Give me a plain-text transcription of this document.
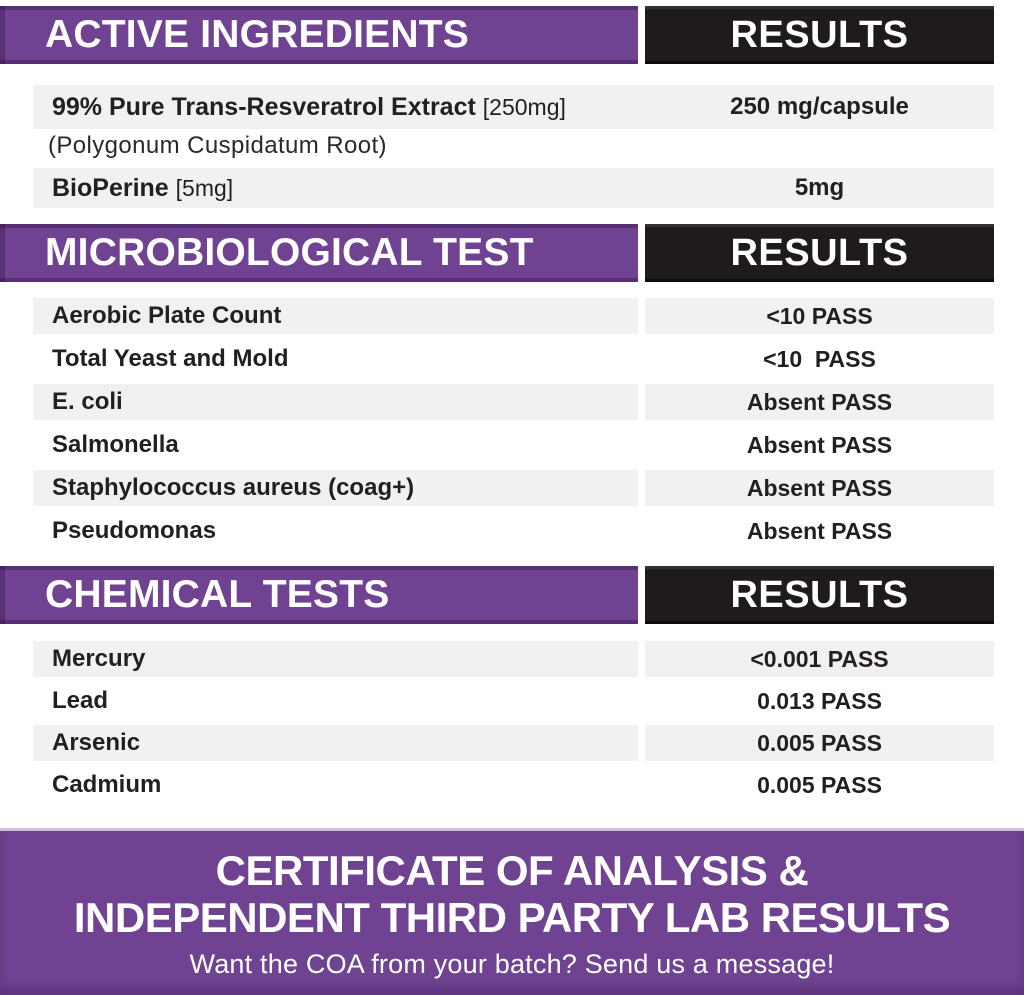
ACTIVE INGREDIENTS	RESULTS
99% Pure Trans-Resveratrol Extract [250mg]	250 mg/capsule
(Polygonum Cuspidatum Root)
BioPerine [5mg]	5mg
MICROBIOLOGICAL TEST	RESULTS
Aerobic Plate Count	<10 PASS
Total Yeast and Mold	<10  PASS
E. coli	Absent PASS
Salmonella	Absent PASS
Staphylococcus aureus (coag+)	Absent PASS
Pseudomonas	Absent PASS
CHEMICAL TESTS	RESULTS
Mercury	<0.001 PASS
Lead	0.013 PASS
Arsenic	0.005 PASS
Cadmium	0.005 PASS
CERTIFICATE OF ANALYSIS &
INDEPENDENT THIRD PARTY LAB RESULTS
Want the COA from your batch? Send us a message!
